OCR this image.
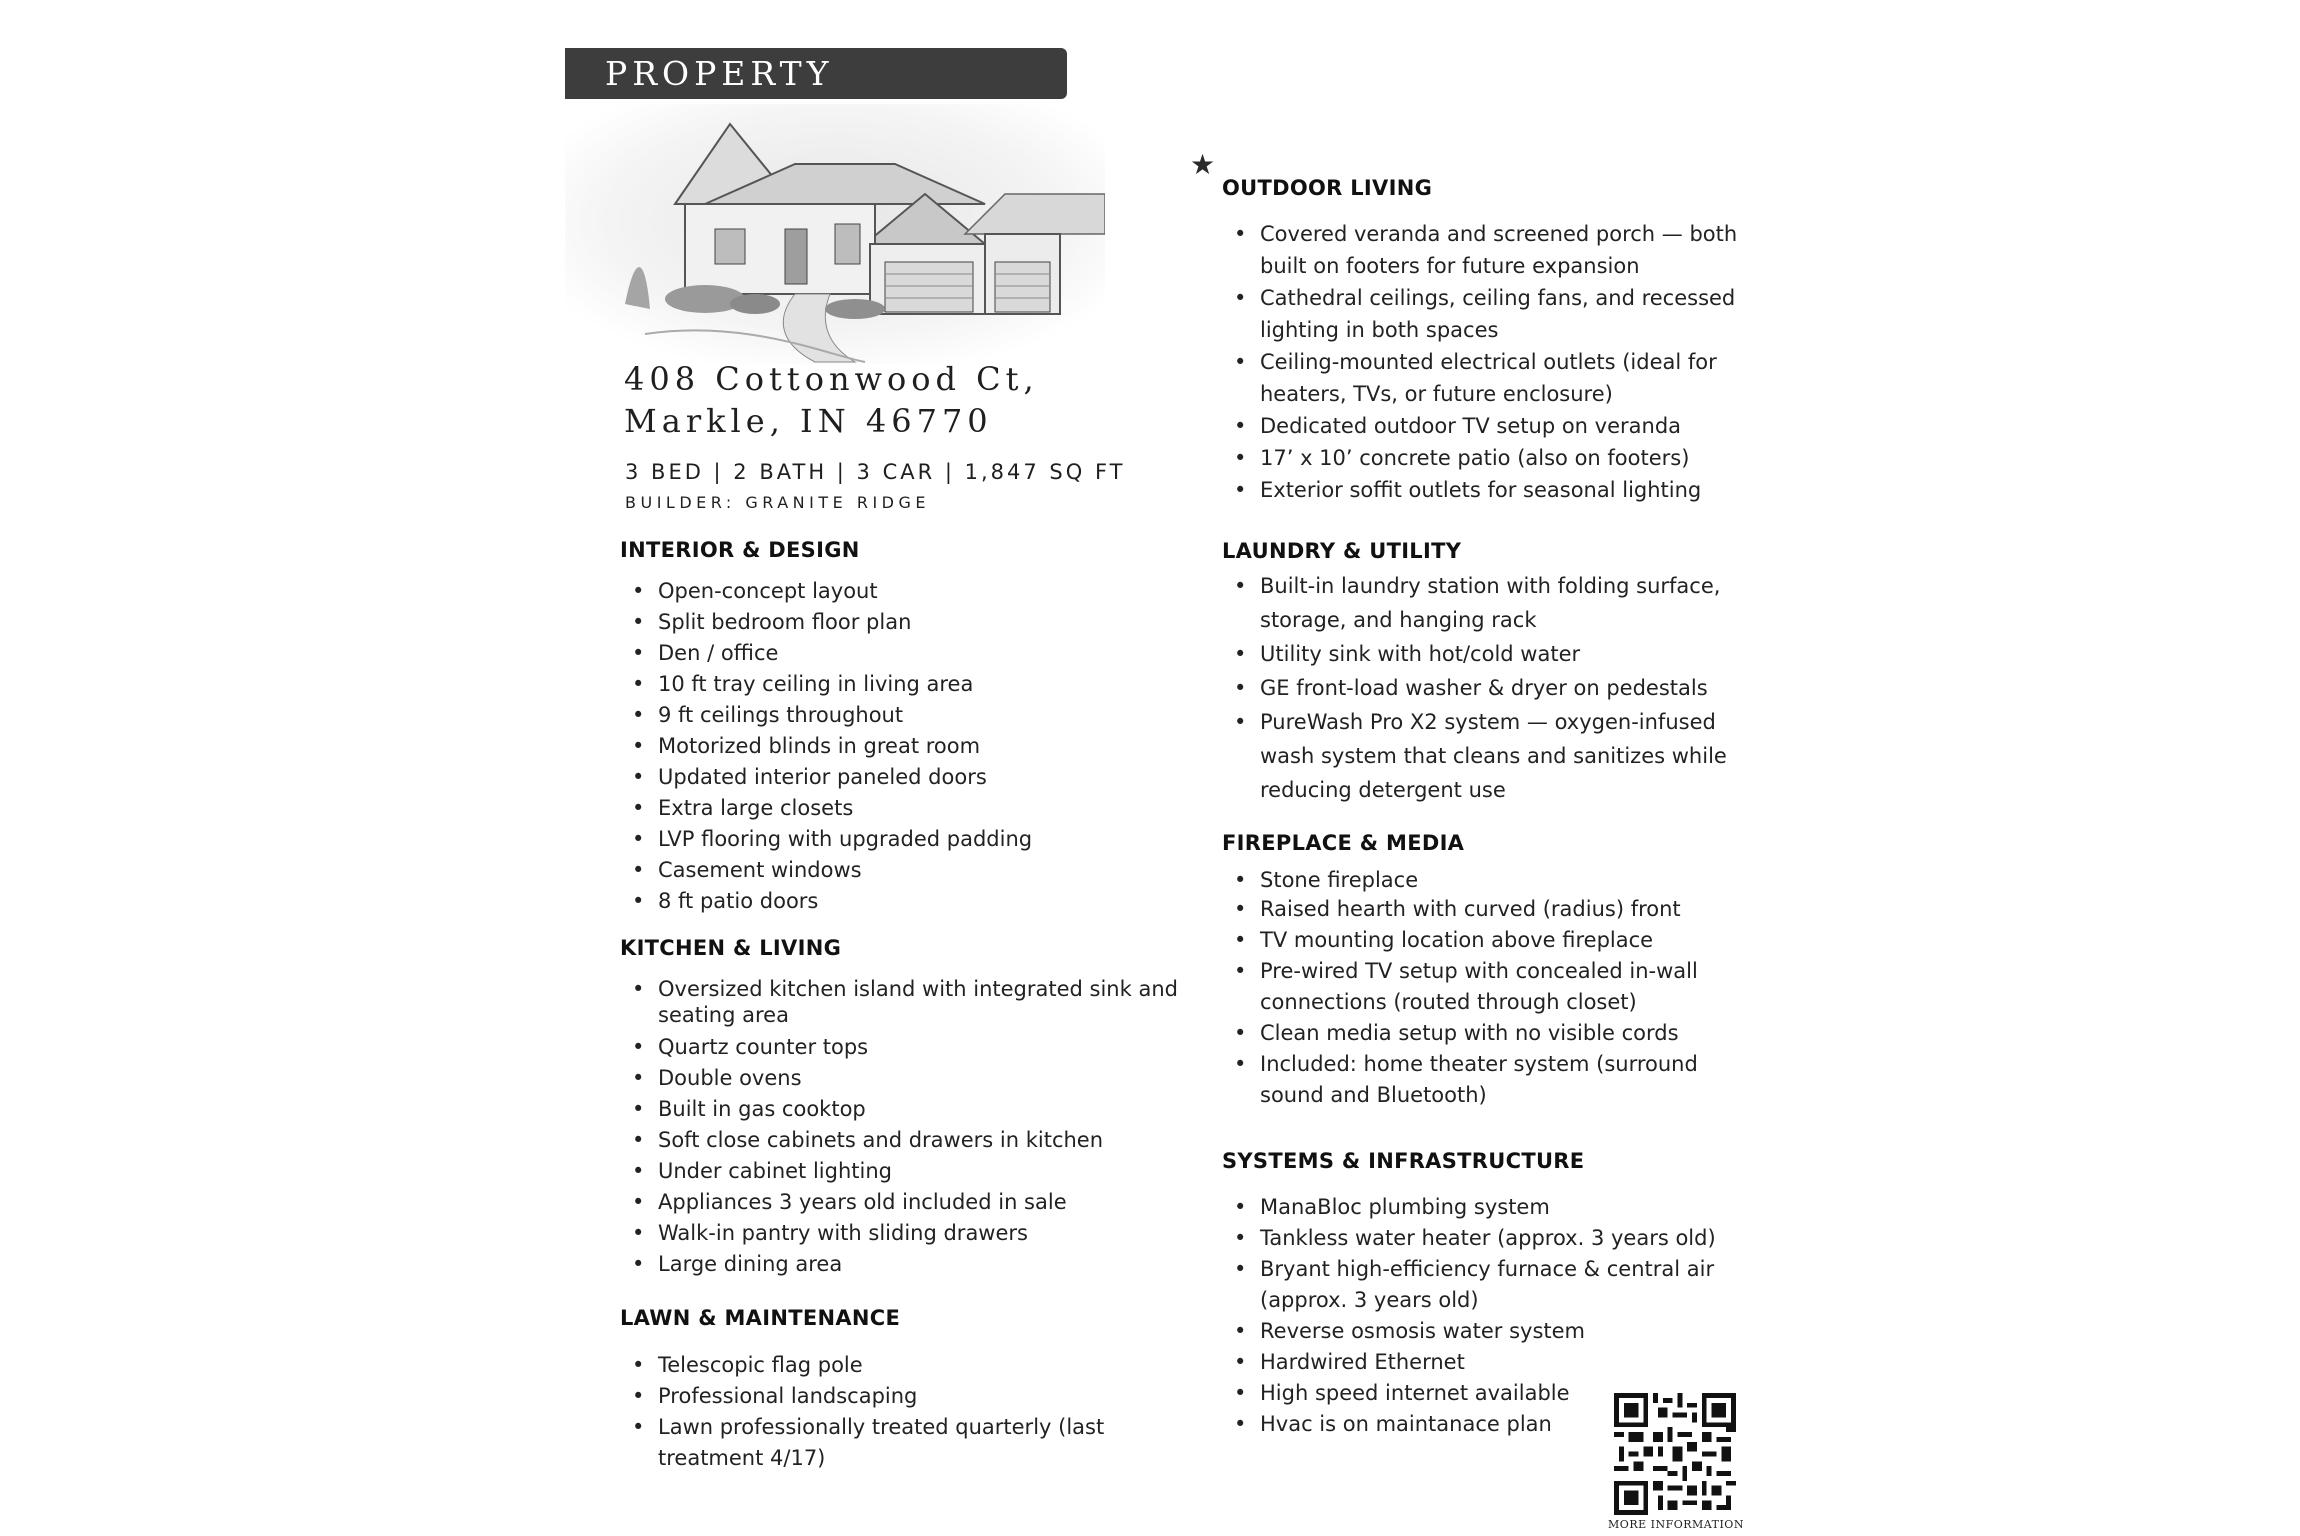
PROPERTY
408 Cottonwood Ct,
Markle, IN 46770
3 BED | 2 BATH | 3 CAR | 1,847 SQ FT
BUILDER: GRANITE RIDGE
INTERIOR & DESIGN
• Open-concept layout
• Split bedroom floor plan
• Den / office
• 10 ft tray ceiling in living area
• 9 ft ceilings throughout
• Motorized blinds in great room
• Updated interior paneled doors
• Extra large closets
• LVP flooring with upgraded padding
• Casement windows
• 8 ft patio doors
KITCHEN & LIVING
• Oversized kitchen island with integrated sink and seating area
• Quartz counter tops
• Double ovens
• Built in gas cooktop
• Soft close cabinets and drawers in kitchen
• Under cabinet lighting
• Appliances 3 years old included in sale
• Walk-in pantry with sliding drawers
• Large dining area
LAWN & MAINTENANCE
• Telescopic flag pole
• Professional landscaping
• Lawn professionally treated quarterly (last treatment 4/17)
★
OUTDOOR LIVING
• Covered veranda and screened porch — both built on footers for future expansion
• Cathedral ceilings, ceiling fans, and recessed lighting in both spaces
• Ceiling-mounted electrical outlets (ideal for heaters, TVs, or future enclosure)
• Dedicated outdoor TV setup on veranda
• 17’ x 10’ concrete patio (also on footers)
• Exterior soffit outlets for seasonal lighting
LAUNDRY & UTILITY
• Built-in laundry station with folding surface, storage, and hanging rack
• Utility sink with hot/cold water
• GE front-load washer & dryer on pedestals
• PureWash Pro X2 system — oxygen-infused wash system that cleans and sanitizes while reducing detergent use
FIREPLACE & MEDIA
• Stone fireplace
• Raised hearth with curved (radius) front
• TV mounting location above fireplace
• Pre-wired TV setup with concealed in-wall connections (routed through closet)
• Clean media setup with no visible cords
• Included: home theater system (surround sound and Bluetooth)
SYSTEMS & INFRASTRUCTURE
• ManaBloc plumbing system
• Tankless water heater (approx. 3 years old)
• Bryant high-efficiency furnace & central air (approx. 3 years old)
• Reverse osmosis water system
• Hardwired Ethernet
• High speed internet available
• Hvac is on maintanace plan
MORE INFORMATION
